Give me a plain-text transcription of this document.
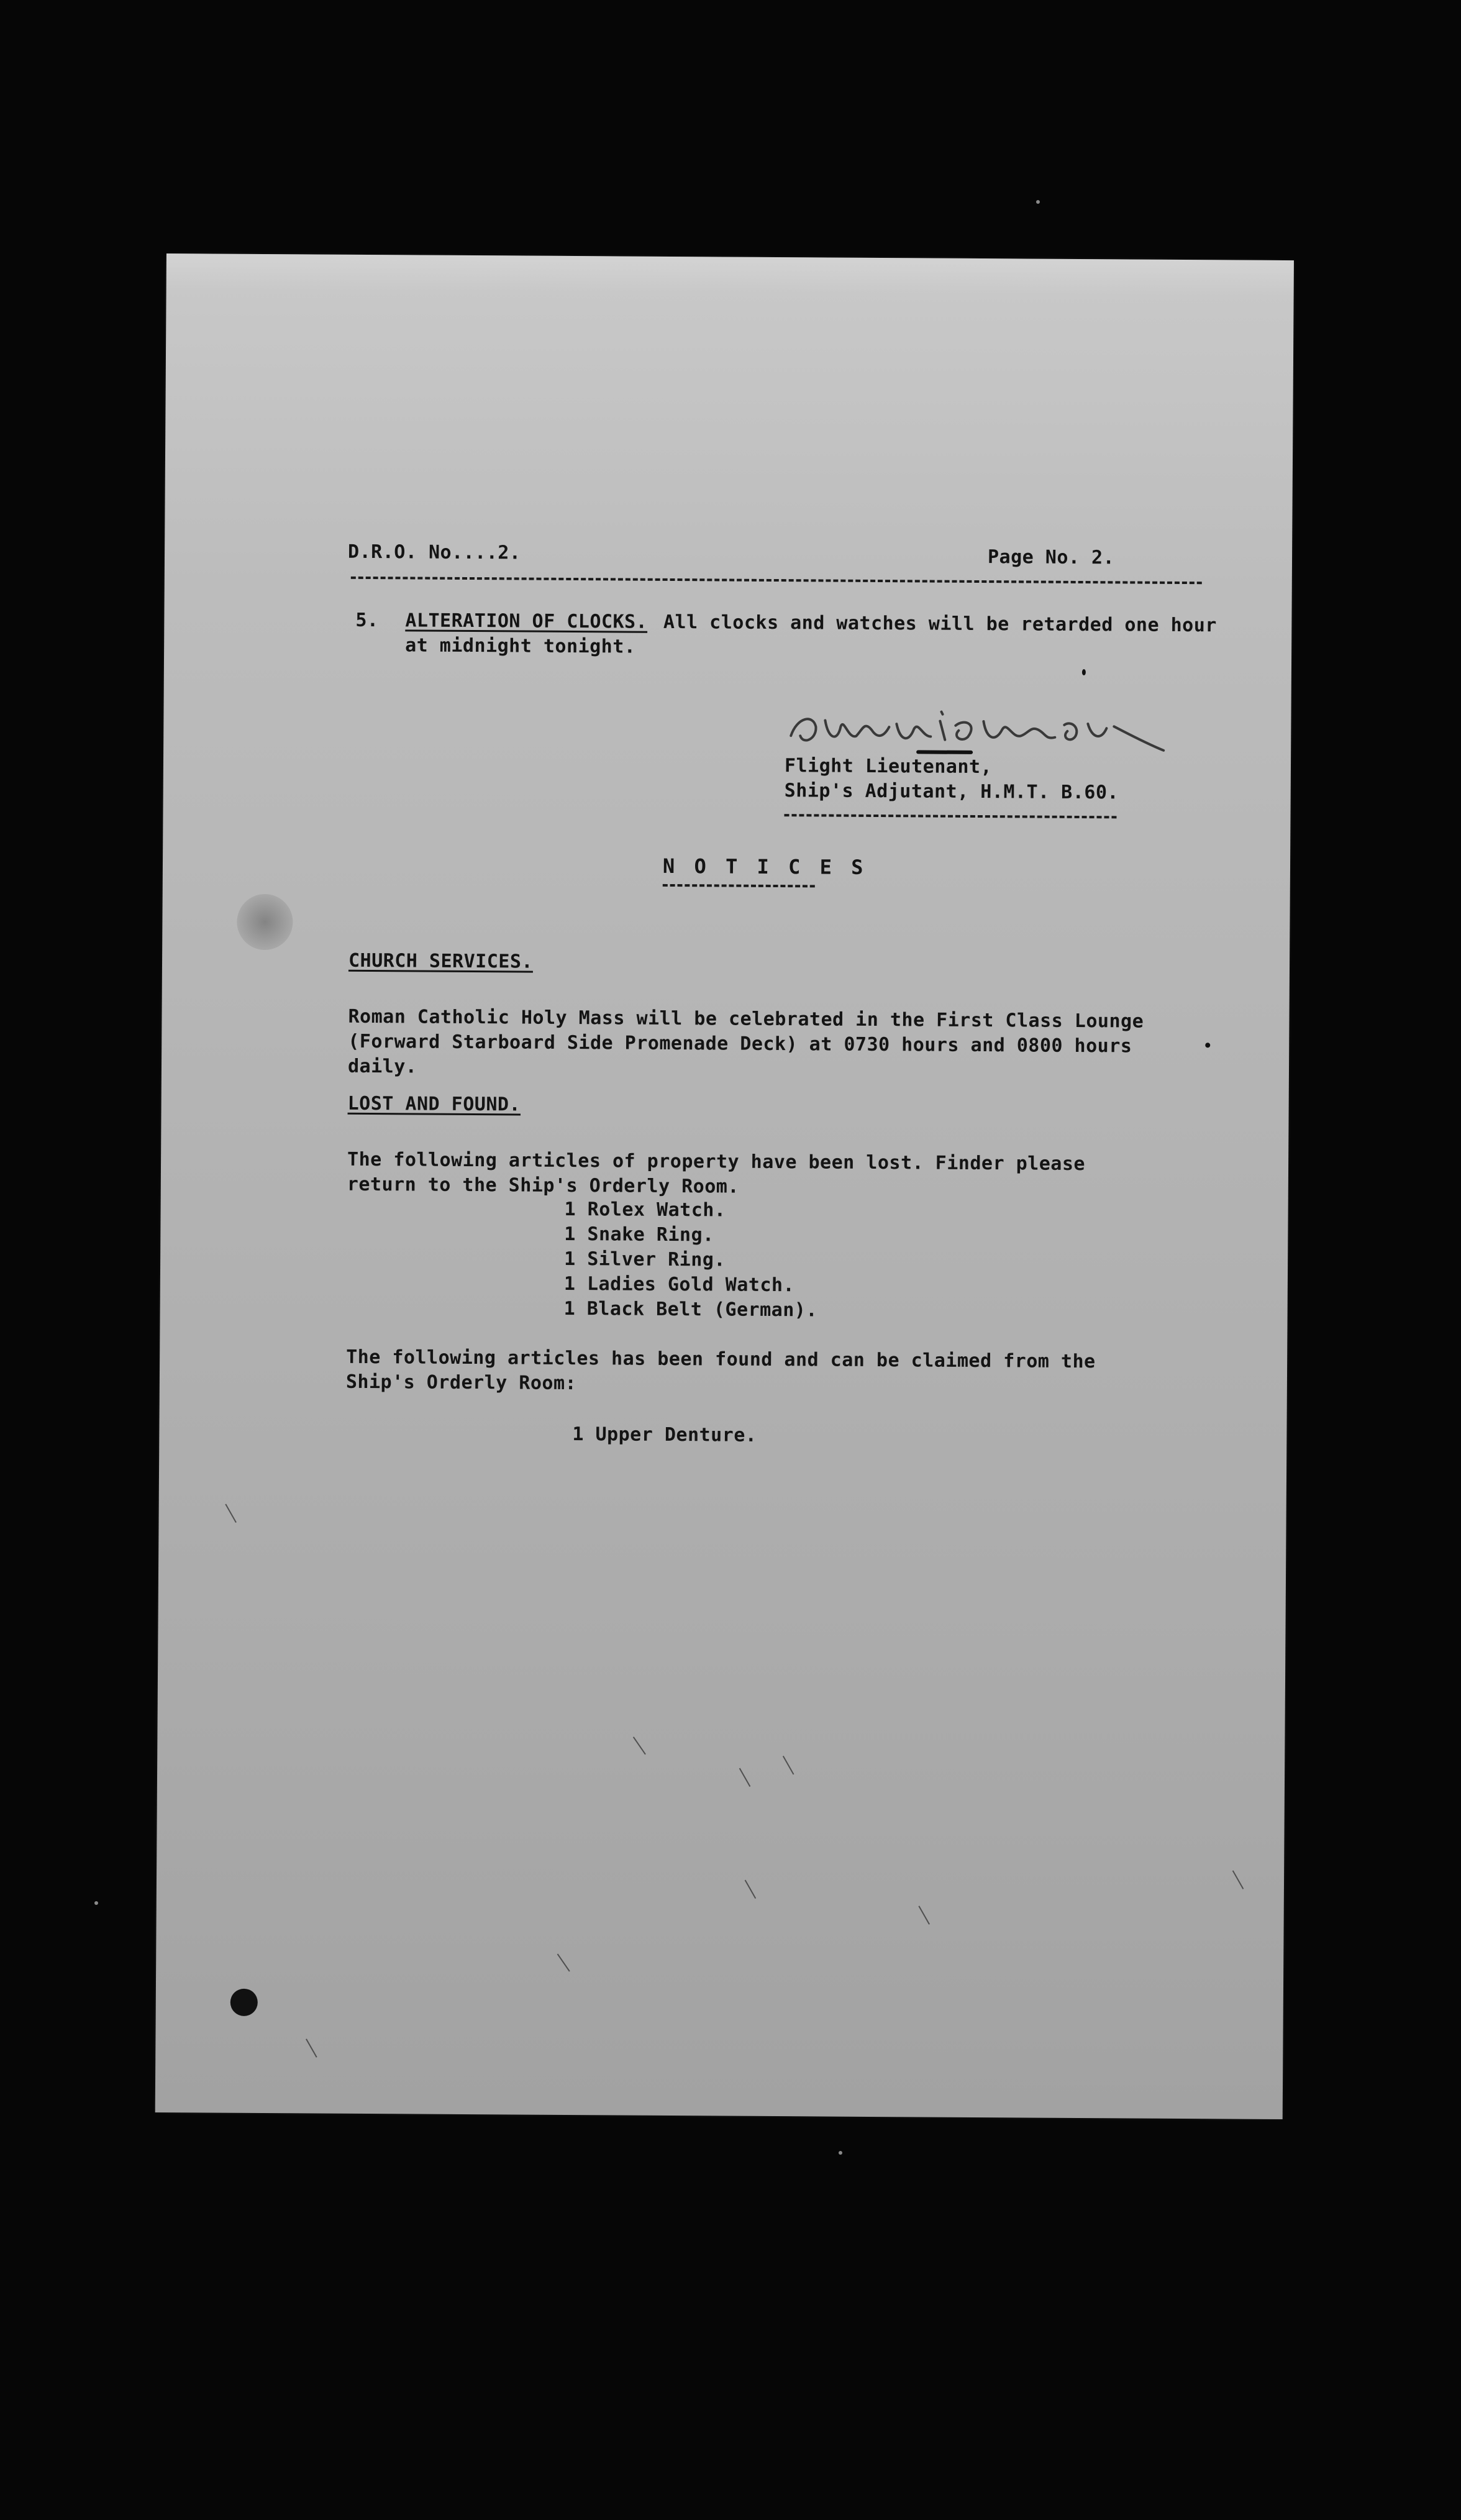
D.R.O. No....2.	Page No. 2.
5. ALTERATION OF CLOCKS. All clocks and watches will be retarded one hour
at midnight tonight.
Flight Lieutenant,
Ship's Adjutant, H.M.T. B.60.
N O T I C E S
CHURCH SERVICES.
Roman Catholic Holy Mass will be celebrated in the First Class Lounge
(Forward Starboard Side Promenade Deck) at 0730 hours and 0800 hours
daily.
LOST AND FOUND.
The following articles of property have been lost. Finder please
return to the Ship's Orderly Room.
1 Rolex Watch.
1 Snake Ring.
1 Silver Ring.
1 Ladies Gold Watch.
1 Black Belt (German).
The following articles has been found and can be claimed from the
Ship's Orderly Room:
1 Upper Denture.
